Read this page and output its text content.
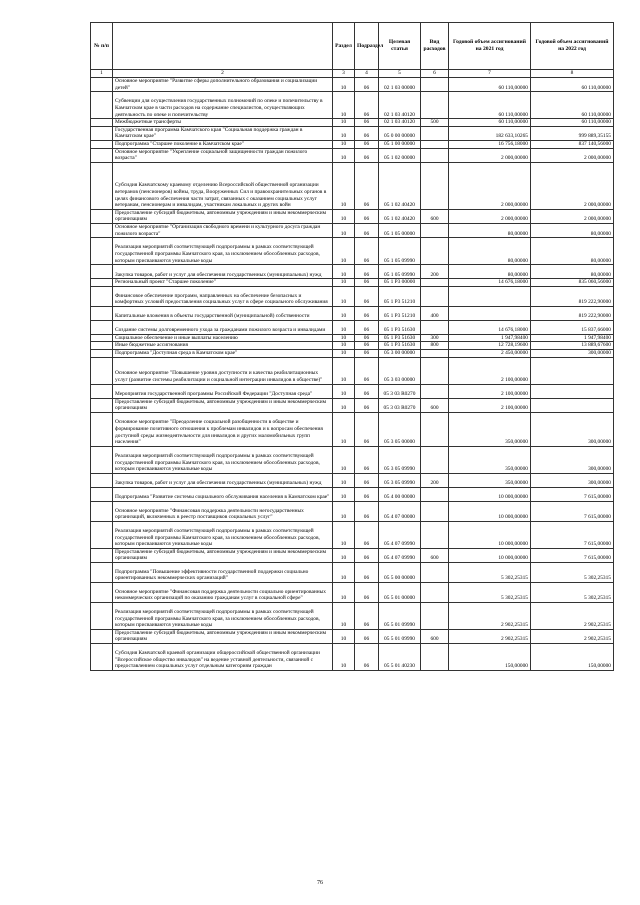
№ п/п		Раздел	Подраздел	Целевая статья	Вид расходов	Годовой объем ассигнований на 2021 год	Годовой объем ассигнований на 2022 год
1	2	3	4	5	6	7	8
	Основное мероприятие "Развитие сферы дополнительного образования и социализации детей"	10	06	02 1 03 00000		60 110,00000	60 110,00000
	Субвенции для осуществления государственных полномочий по опеке и попечительству в Камчатском крае в части расходов на содержание специалистов, осуществляющих деятельность по опеке и попечительству	10	06	02 1 03 40120		60 110,00000	60 110,00000
	Межбюджетные трансферты	10	06	02 1 03 40120	500	60 110,00000	60 110,00000
	Государственная программа Камчатского края "Социальная поддержка граждан в Камчатском крае"	10	06	05 0 00 00000		182 633,10265	999 889,35155
	Подпрограмма "Старшее поколение в Камчатском крае"	10	06	05 1 00 00000		16 756,18000	837 140,56000
	Основное мероприятие "Укрепление социальной защищенности граждан пожилого возраста"	10	06	05 1 02 00000		2 000,00000	2 000,00000
	Субсидия Камчатскому краевому отделению Всероссийской общественной организации ветеранов (пенсионеров) войны, труда, Вооруженных Сил и правоохранительных органов в целях финансового обеспечения части затрат, связанных с оказанием социальных услуг ветеранам, пенсионерам и инвалидам, участникам локальных и других войн	10	06	05 1 02 40420		2 000,00000	2 000,00000
	Предоставление субсидий бюджетным, автономным учреждениям и иным некоммерческим организациям	10	06	05 1 02 40420	600	2 000,00000	2 000,00000
	Основное мероприятие "Организация свободного времени и культурного досуга граждан пожилого возраста"	10	06	05 1 05 00000		80,00000	80,00000
	Реализация мероприятий соответствующей подпрограммы в рамках соответствующей государственной программы Камчатского края, за исключением обособленных расходов, которым присваиваются уникальные коды	10	06	05 1 05 09990		80,00000	80,00000
	Закупка товаров, работ и услуг для обеспечения государственных (муниципальных) нужд	10	06	05 1 05 09990	200	80,00000	80,00000
	Региональный проект "Старшее поколение"	10	06	05 1 P3 00000		14 676,18000	835 060,56000
	Финансовое обеспечение программ, направленных на обеспечение безопасных и комфортных условий предоставления социальных услуг в сфере социального обслуживания	10	06	05 1 P3 51210			819 222,90000
	Капитальные вложения в объекты государственной (муниципальной) собственности	10	06	05 1 P3 51210	400		819 222,90000
	Создание системы долговременного ухода за гражданами пожилого возраста и инвалидами	10	06	05 1 P3 51630		14 676,18000	15 837,66000
	Социальное обеспечение и иные выплаты населению	10	06	05 1 P3 51630	300	1 947,98400	1 947,98400
	Иные бюджетные ассигнования	10	06	05 1 P3 51630	800	12 728,19600	13 889,67600
	Подпрограмма "Доступная среда в Камчатском крае"	10	06	05 3 00 00000		2 450,00000	300,00000
	Основное мероприятие "Повышение уровня доступности и качества реабилитационных услуг (развитие системы реабилитации и социальной интеграции инвалидов в обществе)"	10	06	05 3 03 00000		2 100,00000	
	Мероприятия государственной программы Российской Федерации "Доступная среда"	10	06	05 3 03 R0270		2 100,00000	
	Предоставление субсидий бюджетным, автономным учреждениям и иным некоммерческим организациям	10	06	05 3 03 R0270	600	2 100,00000	
	Основное мероприятие "Преодоление социальной разобщенности в обществе и формирование позитивного отношения к проблемам инвалидов и к вопросам обеспечения доступной среды жизнедеятельности для инвалидов и других маломобильных групп населения"	10	06	05 3 05 00000		350,00000	300,00000
	Реализация мероприятий соответствующей подпрограммы в рамках соответствующей государственной программы Камчатского края, за исключением обособленных расходов, которым присваиваются уникальные коды	10	06	05 3 05 09990		350,00000	300,00000
	Закупка товаров, работ и услуг для обеспечения государственных (муниципальных) нужд	10	06	05 3 05 09990	200	350,00000	300,00000
	Подпрограмма "Развитие системы социального обслуживания населения в Камчатском крае"	10	06	05 4 00 00000		10 000,00000	7 615,00000
	Основное мероприятие "Финансовая поддержка деятельности негосударственных организаций, включенных в реестр поставщиков социальных услуг"	10	06	05 4 07 00000		10 000,00000	7 615,00000
	Реализация мероприятий соответствующей подпрограммы в рамках соответствующей государственной программы Камчатского края, за исключением обособленных расходов, которым присваиваются уникальные коды	10	06	05 4 07 09990		10 000,00000	7 615,00000
	Предоставление субсидий бюджетным, автономным учреждениям и иным некоммерческим организациям	10	06	05 4 07 09990	600	10 000,00000	7 615,00000
	Подпрограмма "Повышение эффективности государственной поддержки социально ориентированных некоммерческих организаций"	10	06	05 5 00 00000		5 302,25315	5 302,25315
	Основное мероприятие "Финансовая поддержка деятельности социально ориентированных некоммерческих организаций по оказанию гражданам услуг в социальной сфере"	10	06	05 5 01 00000		5 302,25315	5 302,25315
	Реализация мероприятий соответствующей подпрограммы в рамках соответствующей государственной программы Камчатского края, за исключением обособленных расходов, которым присваиваются уникальные коды	10	06	05 5 01 09990		2 902,25315	2 902,25315
	Предоставление субсидий бюджетным, автономным учреждениям и иным некоммерческим организациям	10	06	05 5 01 09990	600	2 902,25315	2 902,25315
	Субсидия Камчатской краевой организации общероссийской общественной организации "Всероссийское общество инвалидов" на ведение уставной деятельности, связанной с предоставлением социальных услуг отдельным категориям граждан	10	06	05 5 01 40230		150,00000	150,00000
76
